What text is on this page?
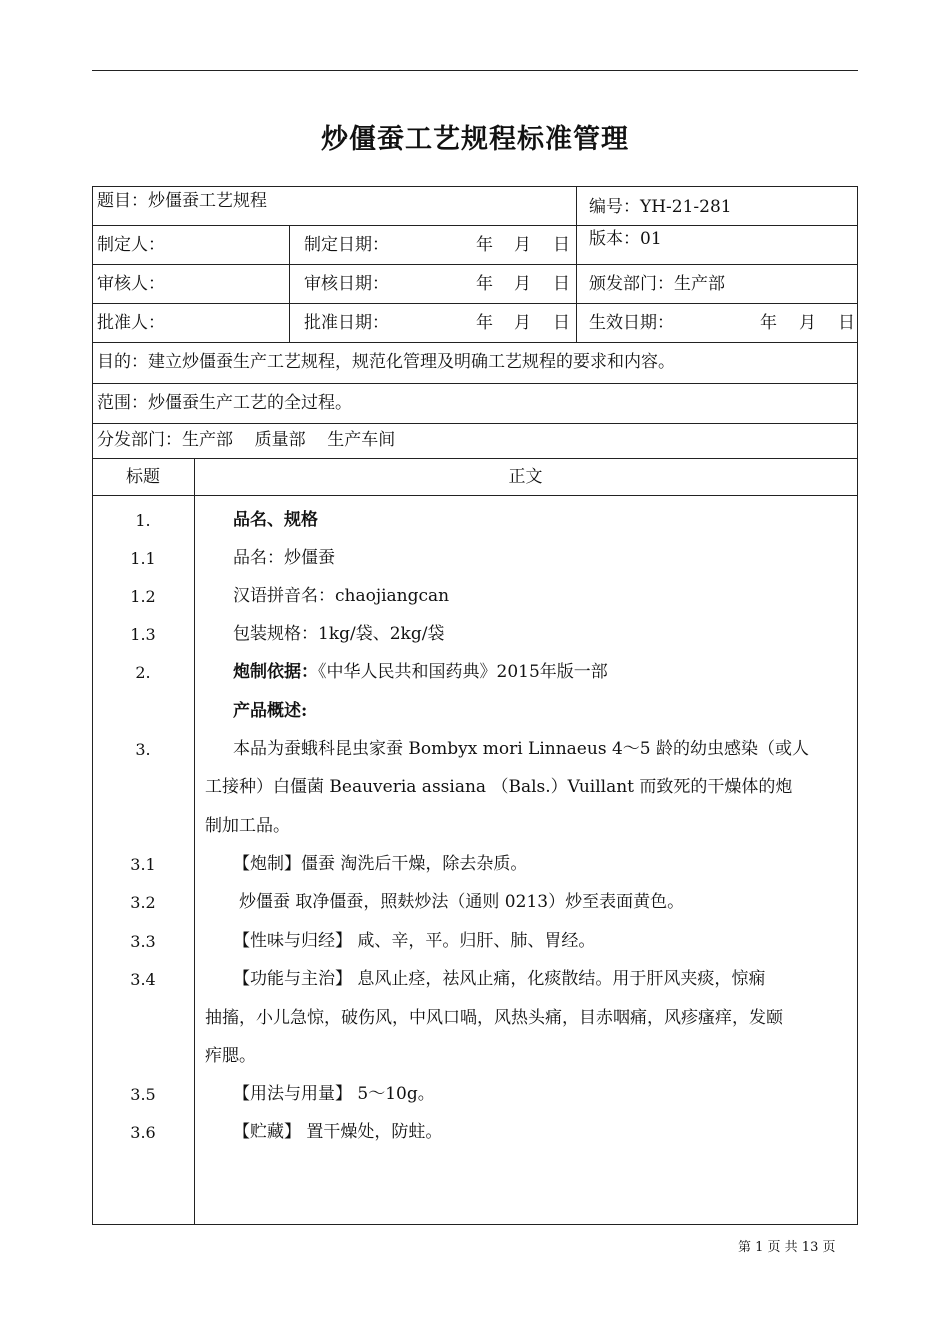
炒僵蚕工艺规程标准管理
题目：炒僵蚕工艺规程	编号：YH-21-281
制定人：	制定日期：	年 月 日 版本：01
审核人：	审核日期：	年 月 日 颁发部门：生产部
批准人：	批准日期：	年 月 日 生效日期：	年 月 日
目的：建立炒僵蚕生产工艺规程，规范化管理及明确工艺规程的要求和内容。
范围：炒僵蚕生产工艺的全过程。
分发部门：生产部    质量部    生产车间
标题	正文
1.	品名、规格
1.1	品名：炒僵蚕
1.2	汉语拼音名：chaojiangcan
1.3	包装规格：1kg/袋、2kg/袋
2.	炮制依据：《中华人民共和国药典》2015年版一部
产品概述:
3.	本品为蚕蛾科昆虫家蚕 Bombyx mori Linnaeus 4～5 龄的幼虫感染（或人
工接种）白僵菌 Beauveria assiana （Bals.）Vuillant 而致死的干燥体的炮
制加工品。
3.1	【炮制】僵蚕 淘洗后干燥，除去杂质。
3.2	炒僵蚕 取净僵蚕，照麸炒法（通则 0213）炒至表面黄色。
3.3	【性味与归经】 咸、辛，平。归肝、肺、胃经。
3.4	【功能与主治】 息风止痉，祛风止痛，化痰散结。用于肝风夹痰，惊痫
抽搐，小儿急惊，破伤风，中风口喎，风热头痛，目赤咽痛，风疹瘙痒，发颐
痄腮。
3.5	【用法与用量】 5～10g。
3.6	【贮藏】 置干燥处，防蛀。
第 1 页 共 13 页
